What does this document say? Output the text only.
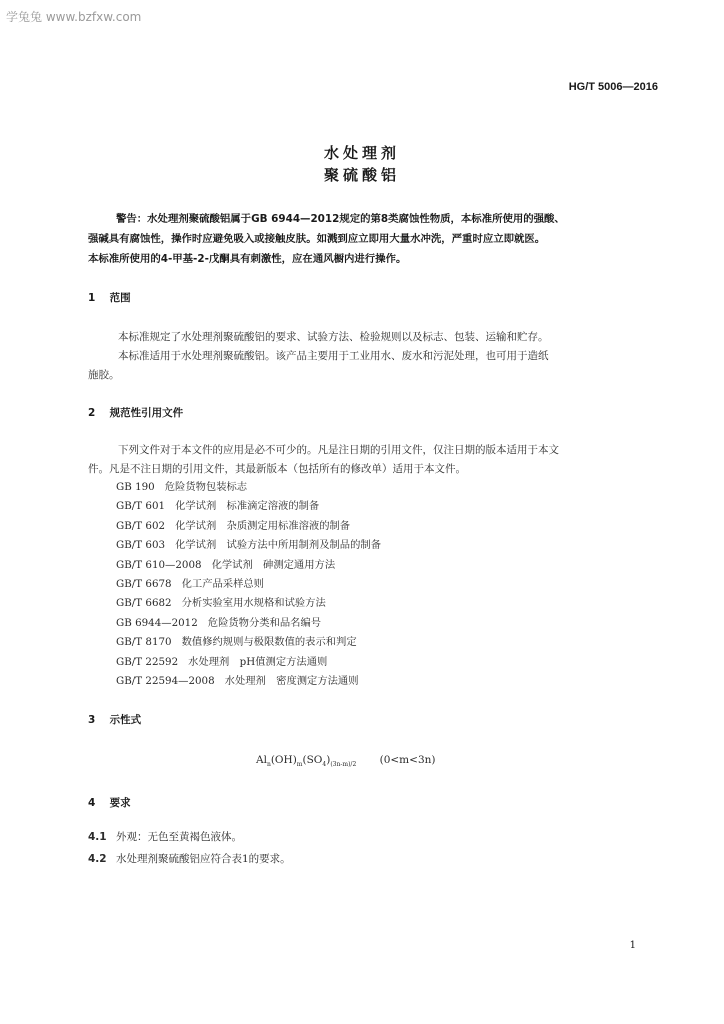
学兔兔 www.bzfxw.com
HG/T 5006—2016
水处理剂
聚硫酸铝
警告：水处理剂聚硫酸铝属于GB 6944—2012规定的第8类腐蚀性物质，本标准所使用的强酸、
强碱具有腐蚀性，操作时应避免吸入或接触皮肤。如溅到应立即用大量水冲洗，严重时应立即就医。
本标准所使用的4-甲基-2-戊酮具有刺激性，应在通风橱内进行操作。
1 范围
本标准规定了水处理剂聚硫酸铝的要求、试验方法、检验规则以及标志、包装、运输和贮存。
本标准适用于水处理剂聚硫酸铝。该产品主要用于工业用水、废水和污泥处理，也可用于造纸
施胶。
2 规范性引用文件
下列文件对于本文件的应用是必不可少的。凡是注日期的引用文件，仅注日期的版本适用于本文
件。凡是不注日期的引用文件，其最新版本（包括所有的修改单）适用于本文件。
GB 190 危险货物包装标志
GB/T 601 化学试剂　标准滴定溶液的制备
GB/T 602 化学试剂　杂质测定用标准溶液的制备
GB/T 603 化学试剂　试验方法中所用制剂及制品的制备
GB/T 610—2008 化学试剂　砷测定通用方法
GB/T 6678 化工产品采样总则
GB/T 6682 分析实验室用水规格和试验方法
GB 6944—2012 危险货物分类和品名编号
GB/T 8170 数值修约规则与极限数值的表示和判定
GB/T 22592 水处理剂　pH值测定方法通则
GB/T 22594—2008 水处理剂　密度测定方法通则
3 示性式
$Al_n(OH)_m(SO_4)_{(3n-m)/2}$ (0<m<3n)
4 要求
4.1 外观：无色至黄褐色液体。
4.2 水处理剂聚硫酸铝应符合表1的要求。
1
